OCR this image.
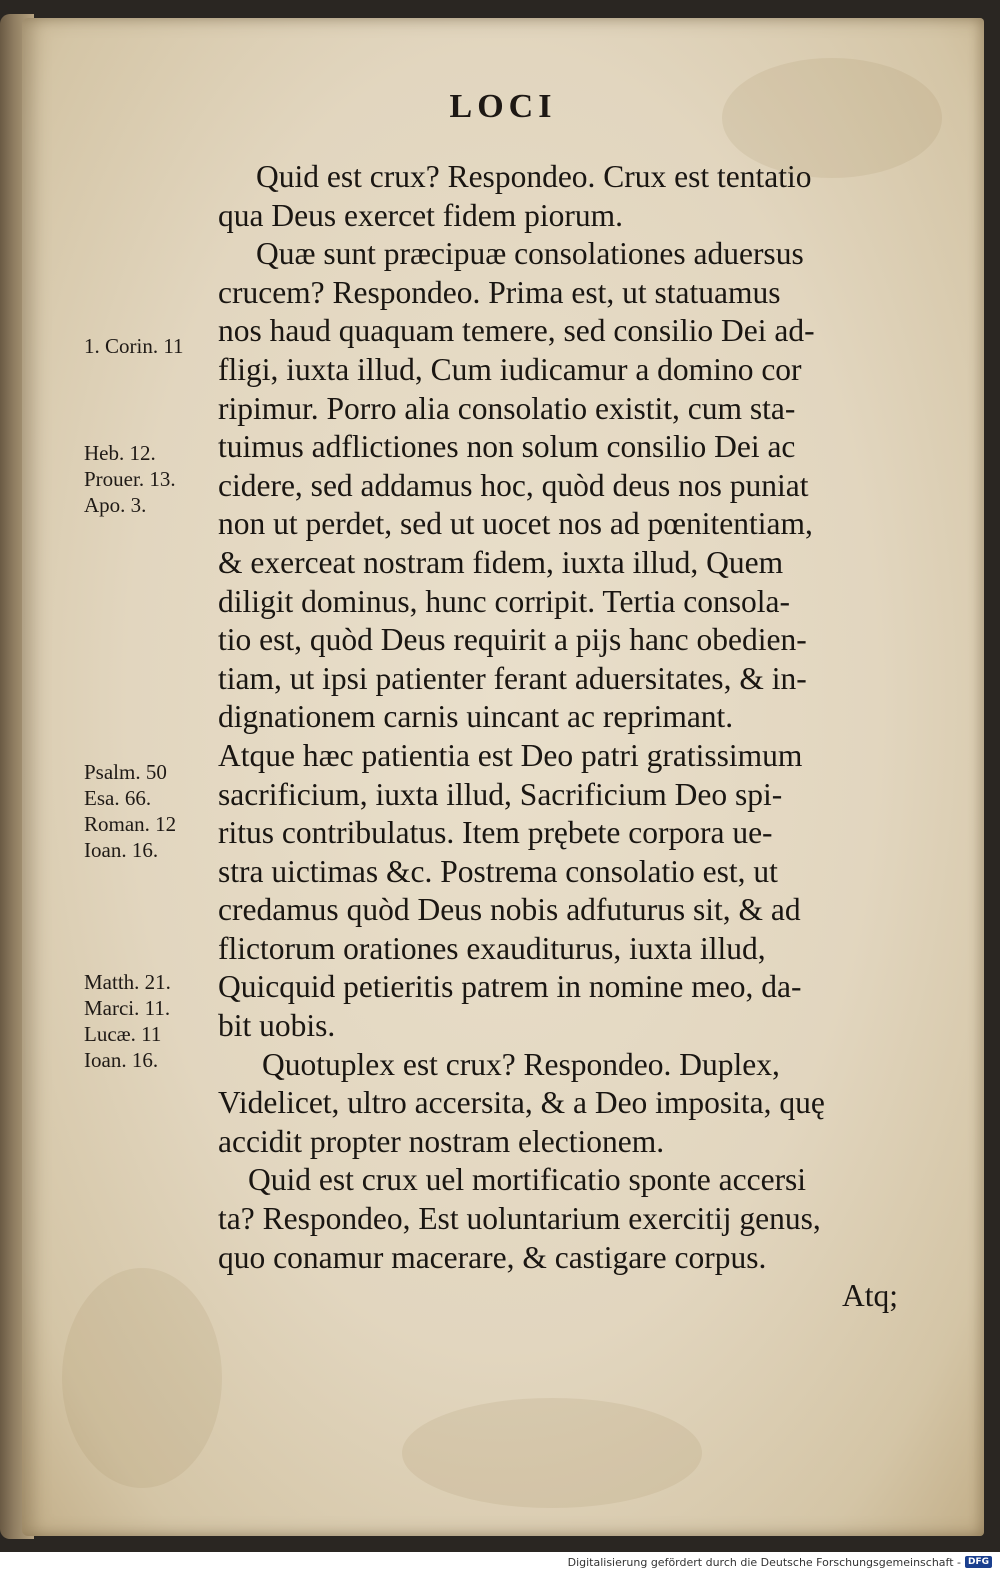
LOCI
1. Corin. 11
Heb. 12.
Prouer. 13.
Apo. 3.
Psalm. 50
Esa. 66.
Roman. 12
Ioan. 16.
Matth. 21.
Marci. 11.
Lucæ. 11
Ioan. 16.
Quid est crux? Respondeo. Crux est tentatio
qua Deus exercet fidem piorum.
Quæ sunt præcipuæ consolationes aduersus
crucem? Respondeo. Prima est, ut statuamus
nos haud quaquam temere, sed consilio Dei ad-
fligi, iuxta illud, Cum iudicamur a domino cor
ripimur. Porro alia consolatio existit, cum sta-
tuimus adflictiones non solum consilio Dei ac
cidere, sed addamus hoc, quòd deus nos puniat
non ut perdet, sed ut uocet nos ad pœnitentiam,
& exerceat nostram fidem, iuxta illud, Quem
diligit dominus, hunc corripit. Tertia consola-
tio est, quòd Deus requirit a pijs hanc obedien-
tiam, ut ipsi patienter ferant aduersitates, & in-
dignationem carnis uincant ac reprimant.
Atque hæc patientia est Deo patri gratissimum
sacrificium, iuxta illud, Sacrificium Deo spi-
ritus contribulatus. Item prębete corpora ue-
stra uictimas &c. Postrema consolatio est, ut
credamus quòd Deus nobis adfuturus sit, & ad
flictorum orationes exauditurus, iuxta illud,
Quicquid petieritis patrem in nomine meo, da-
bit uobis.
Quotuplex est crux? Respondeo. Duplex,
Videlicet, ultro accersita, & a Deo imposita, quę
accidit propter nostram electionem.
Quid est crux uel mortificatio sponte accersi
ta? Respondeo, Est uoluntarium exercitij genus,
quo conamur macerare, & castigare corpus.
Atq;
Digitalisierung gefördert durch die Deutsche Forschungsgemeinschaft - DFG
